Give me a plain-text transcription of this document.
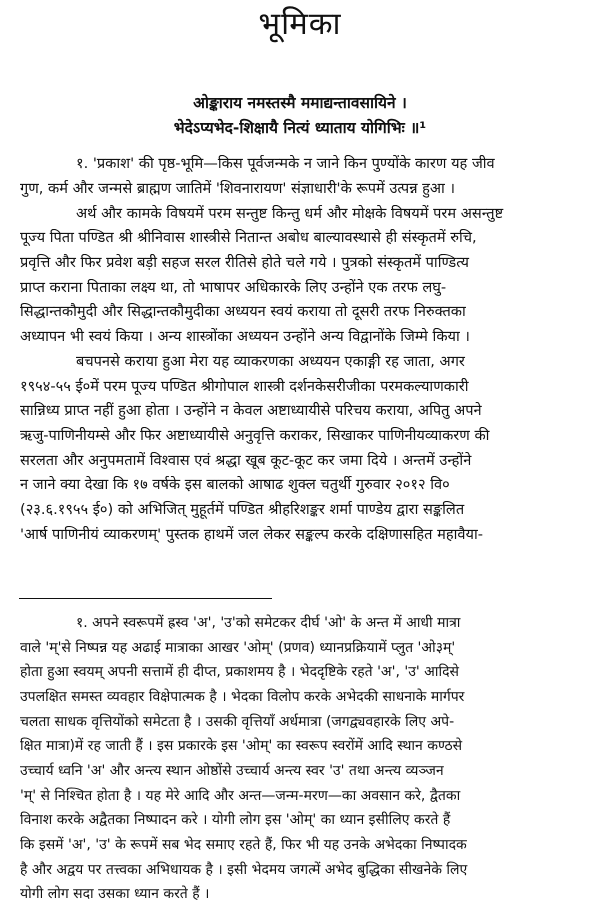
भूमिका
ओङ्काराय नमस्तस्मै ममाद्यन्तावसायिने ।
भेदेऽप्यभेद-शिक्षायै नित्यं ध्याताय योगिभिः ॥¹
१. 'प्रकाश' की पृष्ठ-भूमि—किस पूर्वजन्मके न जाने किन पुण्योंके कारण यह जीव
गुण, कर्म और जन्मसे ब्राह्मण जातिमें 'शिवनारायण' संज्ञाधारी'के रूपमें उत्पन्न हुआ ।
अर्थ और कामके विषयमें परम सन्तुष्ट किन्तु धर्म और मोक्षके विषयमें परम असन्तुष्ट
पूज्य पिता पण्डित श्री श्रीनिवास शास्त्रीसे नितान्त अबोध बाल्यावस्थासे ही संस्कृतमें रुचि,
प्रवृत्ति और फिर प्रवेश बड़ी सहज सरल रीतिसे होते चले गये । पुत्रको संस्कृतमें पाण्डित्य
प्राप्त कराना पिताका लक्ष्य था, तो भाषापर अधिकारके लिए उन्होंने एक तरफ लघु-
सिद्धान्तकौमुदी और सिद्धान्तकौमुदीका अध्ययन स्वयं कराया तो दूसरी तरफ निरुक्तका
अध्यापन भी स्वयं किया । अन्य शास्त्रोंका अध्ययन उन्होंने अन्य विद्वानोंके जिम्मे किया ।
बचपनसे कराया हुआ मेरा यह व्याकरणका अध्ययन एकाङ्गी रह जाता, अगर
१९५४-५५ ई०में परम पूज्य पण्डित श्रीगोपाल शास्त्री दर्शनकेसरीजीका परमकल्याणकारी
सान्निध्य प्राप्त नहीं हुआ होता । उन्होंने न केवल अष्टाध्यायीसे परिचय कराया, अपितु अपने
ऋजु-पाणिनीयम्से और फिर अष्टाध्यायीसे अनुवृत्ति कराकर, सिखाकर पाणिनीयव्याकरण की
सरलता और अनुपमतामें विश्वास एवं श्रद्धा खूब कूट-कूट कर जमा दिये । अन्तमें उन्होंने
न जाने क्या देखा कि १७ वर्षके इस बालको आषाढ शुक्ल चतुर्थी गुरुवार २०१२ वि०
(२३.६.१९५५ ई०) को अभिजित् मुहूर्तमें पण्डित श्रीहरिशङ्कर शर्मा पाण्डेय द्वारा सङ्कलित
'आर्ष पाणिनीयं व्याकरणम्' पुस्तक हाथमें जल लेकर सङ्कल्प करके दक्षिणासहित महावैया-
१. अपने स्वरूपमें ह्रस्व 'अ', 'उ'को समेटकर दीर्घ 'ओ' के अन्त में आधी मात्रा
वाले 'म्'से निष्पन्न यह अढाई मात्राका आखर 'ओम्' (प्रणव) ध्यानप्रक्रियामें प्लुत 'ओ३म्'
होता हुआ स्वयम् अपनी सत्तामें ही दीप्त, प्रकाशमय है । भेददृष्टिके रहते 'अ', 'उ' आदिसे
उपलक्षित समस्त व्यवहार विक्षेपात्मक है । भेदका विलोप करके अभेदकी साधनाके मार्गपर
चलता साधक वृत्तियोंको समेटता है । उसकी वृत्तियाँ अर्धमात्रा (जगद्व्यवहारके लिए अपे-
क्षित मात्रा)में रह जाती हैं । इस प्रकारके इस 'ओम्' का स्वरूप स्वरोंमें आदि स्थान कण्ठसे
उच्चार्य ध्वनि 'अ' और अन्त्य स्थान ओष्ठोंसे उच्चार्य अन्त्य स्वर 'उ' तथा अन्त्य व्यञ्जन
'म्' से निश्चित होता है । यह मेरे आदि और अन्त—जन्म-मरण—का अवसान करे, द्वैतका
विनाश करके अद्वैतका निष्पादन करे । योगी लोग इस 'ओम्' का ध्यान इसीलिए करते हैं
कि इसमें 'अ', 'उ' के रूपमें सब भेद समाए रहते हैं, फिर भी यह उनके अभेदका निष्पादक
है और अद्वय पर तत्त्वका अभिधायक है । इसी भेदमय जगत्में अभेद बुद्धिका सीखनेके लिए
योगी लोग सदा उसका ध्यान करते हैं ।
